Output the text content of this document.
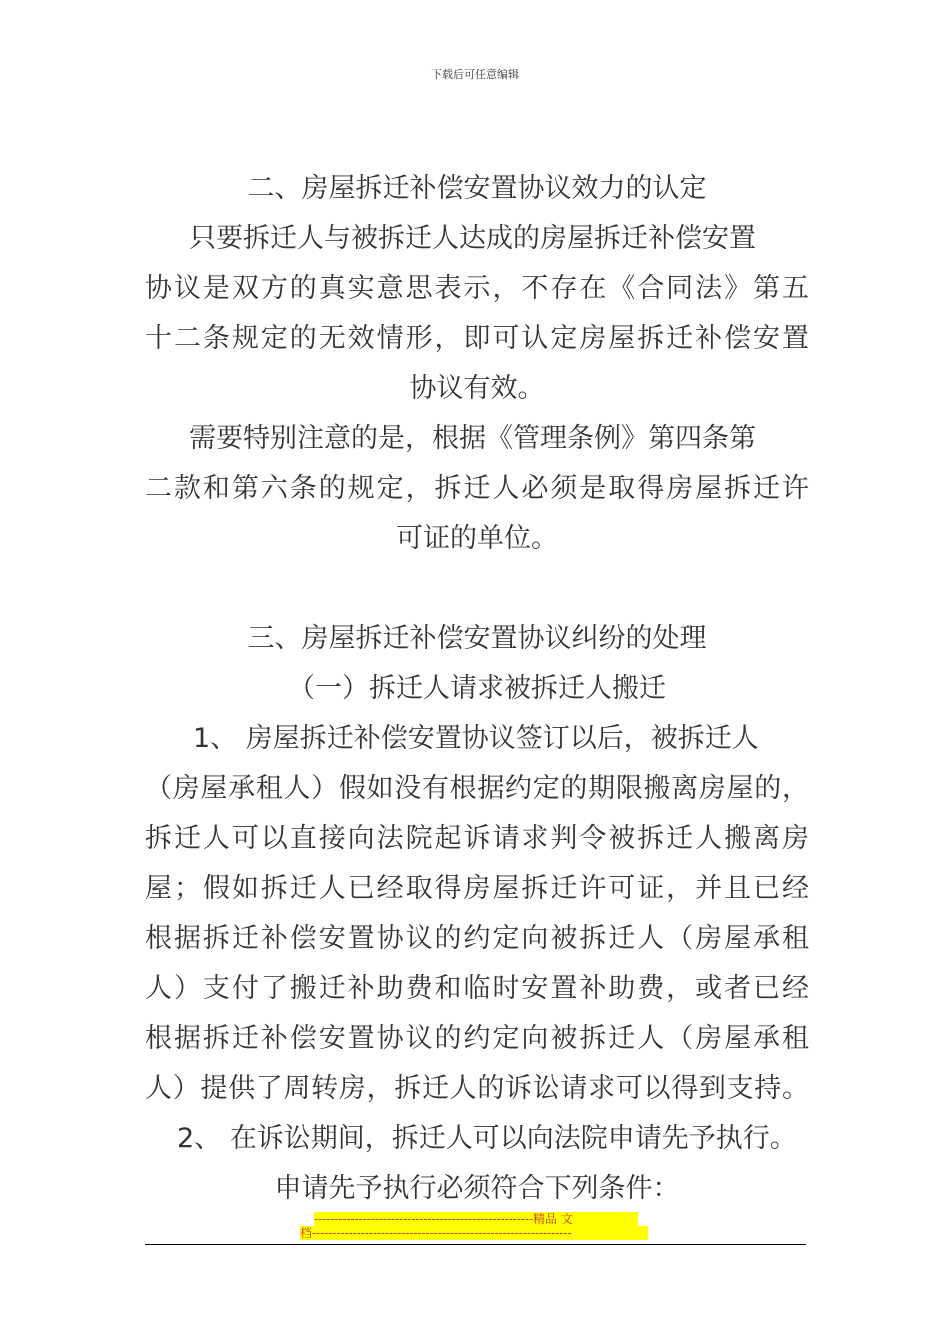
下载后可任意编辑
二、房屋拆迁补偿安置协议效力的认定
只要拆迁人与被拆迁人达成的房屋拆迁补偿安置
协议是双方的真实意思表示，不存在《合同法》第五
十二条规定的无效情形，即可认定房屋拆迁补偿安置
协议有效。
需要特别注意的是，根据《管理条例》第四条第
二款和第六条的规定，拆迁人必须是取得房屋拆迁许
可证的单位。
三、房屋拆迁补偿安置协议纠纷的处理
（一）拆迁人请求被拆迁人搬迁
1、 房屋拆迁补偿安置协议签订以后，被拆迁人
（房屋承租人）假如没有根据约定的期限搬离房屋的，
拆迁人可以直接向法院起诉请求判令被拆迁人搬离房
屋；假如拆迁人已经取得房屋拆迁许可证，并且已经
根据拆迁补偿安置协议的约定向被拆迁人（房屋承租
人）支付了搬迁补助费和临时安置补助费，或者已经
根据拆迁补偿安置协议的约定向被拆迁人（房屋承租
人）提供了周转房，拆迁人的诉讼请求可以得到支持。
2、 在诉讼期间，拆迁人可以向法院申请先予执行。
申请先予执行必须符合下列条件：
------------------------------------------------------精品 文
档----------------------------------------------------------------
